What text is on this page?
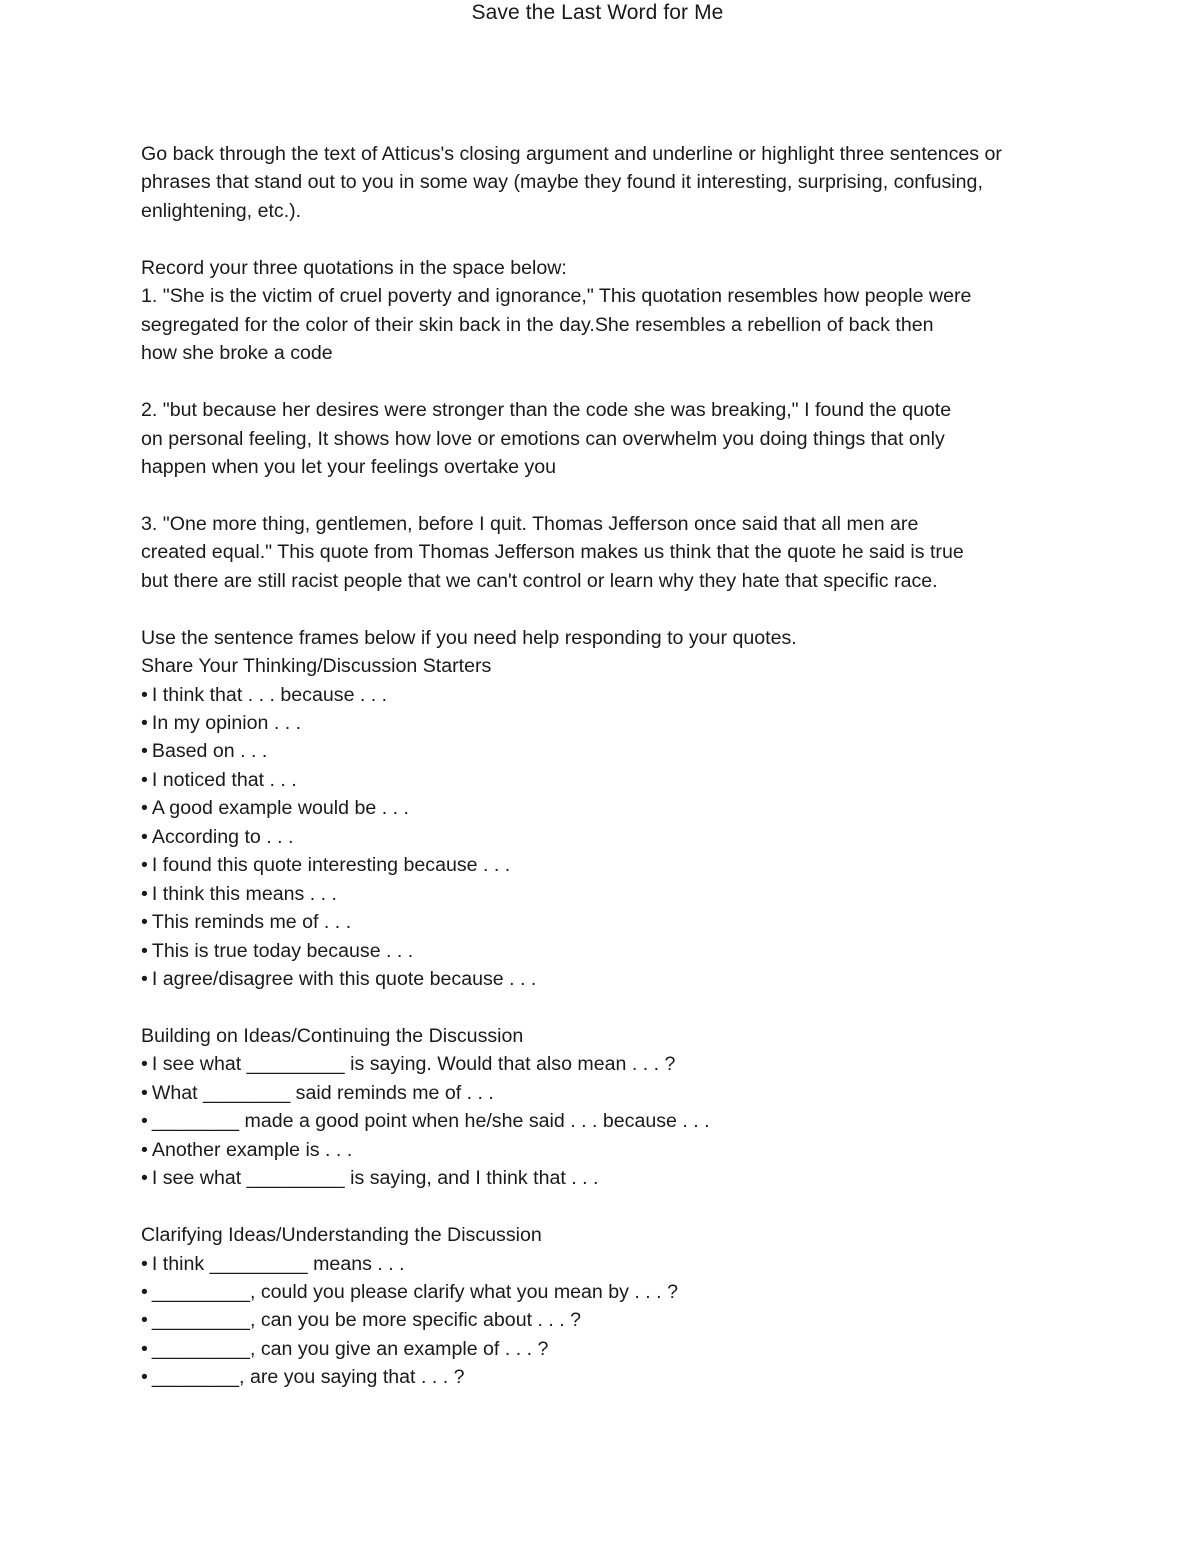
Save the Last Word for Me

Go back through the text of Atticus's closing argument and underline or highlight three sentences or phrases that stand out to you in some way (maybe they found it interesting, surprising, confusing, enlightening, etc.).

Record your three quotations in the space below:

1. "She is the victim of cruel poverty and ignorance," This quotation resembles how people were
segregated for the color of their skin back in the day.She resembles a rebellion of back then
how she broke a code
2. "but because her desires were stronger than the code she was breaking," I found the quote
on personal feeling, It shows how love or emotions can overwhelm you doing things that only
happen when you let your feelings overtake you
3. "One more thing, gentlemen, before I quit. Thomas Jefferson once said that all men are
created equal." This quote from Thomas Jefferson makes us think that the quote he said is true
but there are still racist people that we can't control or learn why they hate that specific race.

Use the sentence frames below if you need help responding to your quotes.

Share Your Thinking/Discussion Starters
• I think that . . . because . . .
• In my opinion . . .
• Based on . . .
• I noticed that . . .
• A good example would be . . .
• According to . . .
• I found this quote interesting because . . .
• I think this means . . .
• This reminds me of . . .
• This is true today because . . .
• I agree/disagree with this quote because . . .
Building on Ideas/Continuing the Discussion
• I see what _________ is saying. Would that also mean . . . ?
• What ________ said reminds me of . . .
• ________ made a good point when he/she said . . . because . . .
• Another example is . . .
• I see what _________ is saying, and I think that . . .
Clarifying Ideas/Understanding the Discussion
• I think _________ means . . .
• _________, could you please clarify what you mean by . . . ?
• _________, can you be more specific about . . . ?
• _________, can you give an example of . . . ?
• ________, are you saying that . . . ?
